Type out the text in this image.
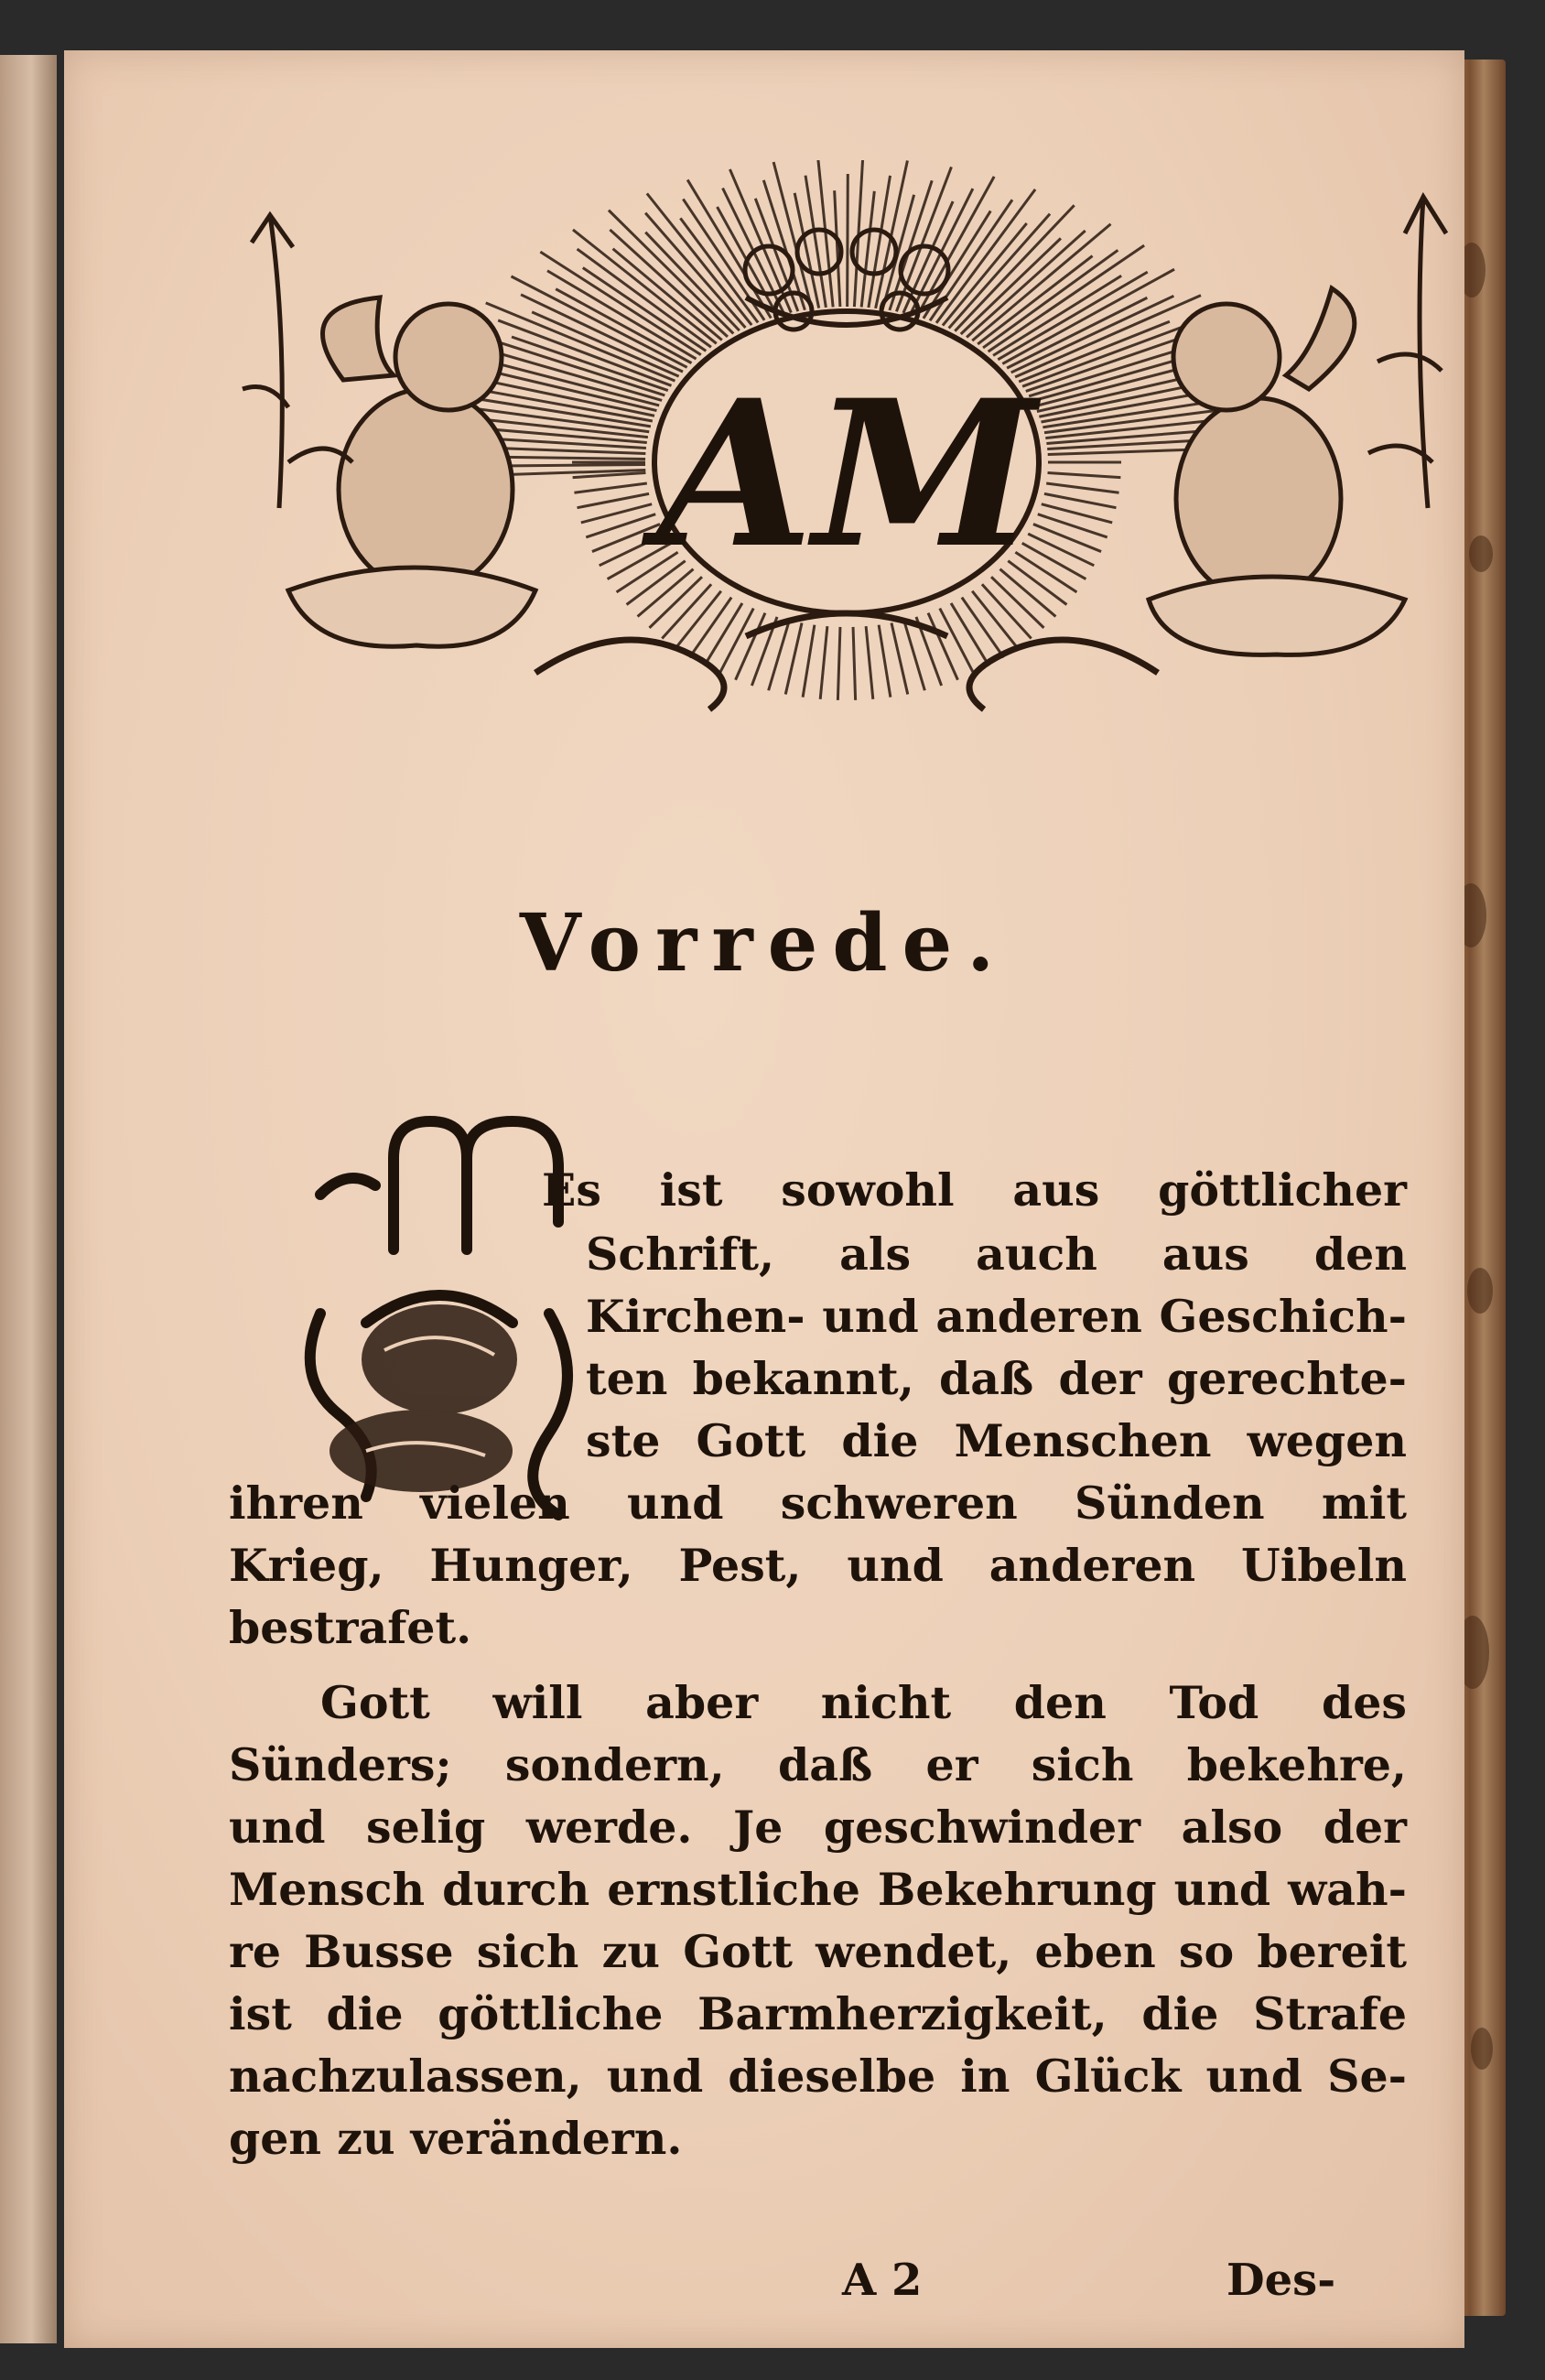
AM
Vorrede.
Es ist sowohl aus göttlicher
Schrift, als auch aus den
Kirchen- und anderen Geschich-
ten bekannt, daß der gerechte-
ste Gott die Menschen wegen
ihren vielen und schweren Sünden mit
Krieg, Hunger, Pest, und anderen Uibeln
bestrafet.
Gott will aber nicht den Tod des
Sünders; sondern, daß er sich bekehre,
und selig werde. Je geschwinder also der
Mensch durch ernstliche Bekehrung und wah-
re Busse sich zu Gott wendet, eben so bereit
ist die göttliche Barmherzigkeit, die Strafe
nachzulassen, und dieselbe in Glück und Se-
gen zu verändern.
A 2	Des-
